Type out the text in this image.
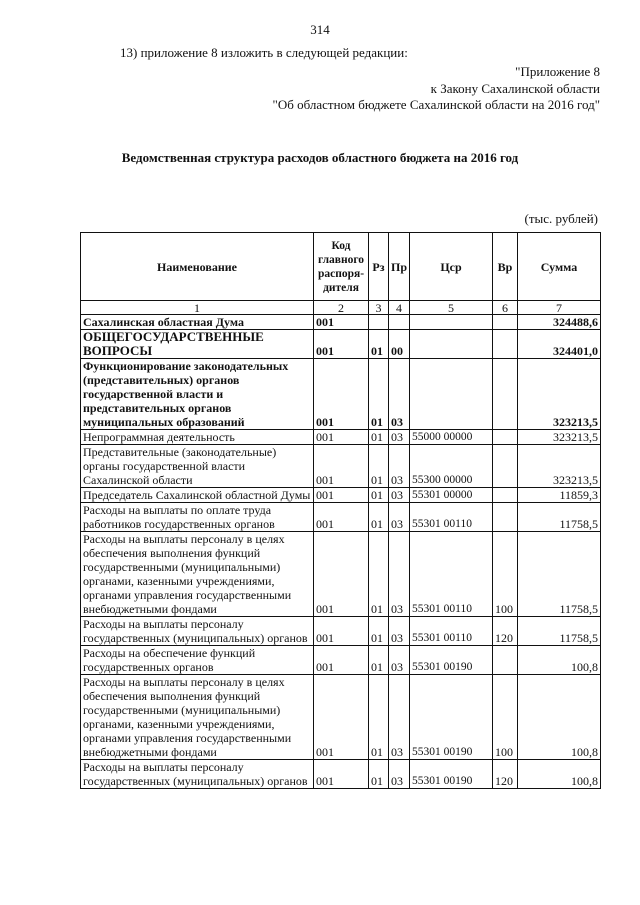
314
13) приложение 8 изложить в следующей редакции:
"Приложение 8
к Закону Сахалинской области
"Об областном бюджете Сахалинской области на 2016 год"
Ведомственная структура расходов областного бюджета на 2016 год
(тыс. рублей)
Наименование	Код главного распоря-дителя	Рз	Пр	Цср	Вр	Сумма
1	2	3	4	5	6	7
Сахалинская областная Дума	001					324488,6
ОБЩЕГОСУДАРСТВЕННЫЕ ВОПРОСЫ	001	01	00			324401,0
Функционирование законодательных (представительных) органов государственной власти и представительных органов муниципальных образований	001	01	03			323213,5
Непрограммная деятельность	001	01	03	55000 00000		323213,5
Представительные (законодательные) органы государственной власти Сахалинской области	001	01	03	55300 00000		323213,5
Председатель Сахалинской областной Думы	001	01	03	55301 00000		11859,3
Расходы на выплаты по оплате труда работников государственных органов	001	01	03	55301 00110		11758,5
Расходы на выплаты персоналу в целях обеспечения выполнения функций государственными (муниципальными) органами, казенными учреждениями, органами управления государственными внебюджетными фондами	001	01	03	55301 00110	100	11758,5
Расходы на выплаты персоналу государственных (муниципальных) органов	001	01	03	55301 00110	120	11758,5
Расходы на обеспечение функций государственных органов	001	01	03	55301 00190		100,8
Расходы на выплаты персоналу в целях обеспечения выполнения функций государственными (муниципальными) органами, казенными учреждениями, органами управления государственными внебюджетными фондами	001	01	03	55301 00190	100	100,8
Расходы на выплаты персоналу государственных (муниципальных) органов	001	01	03	55301 00190	120	100,8
